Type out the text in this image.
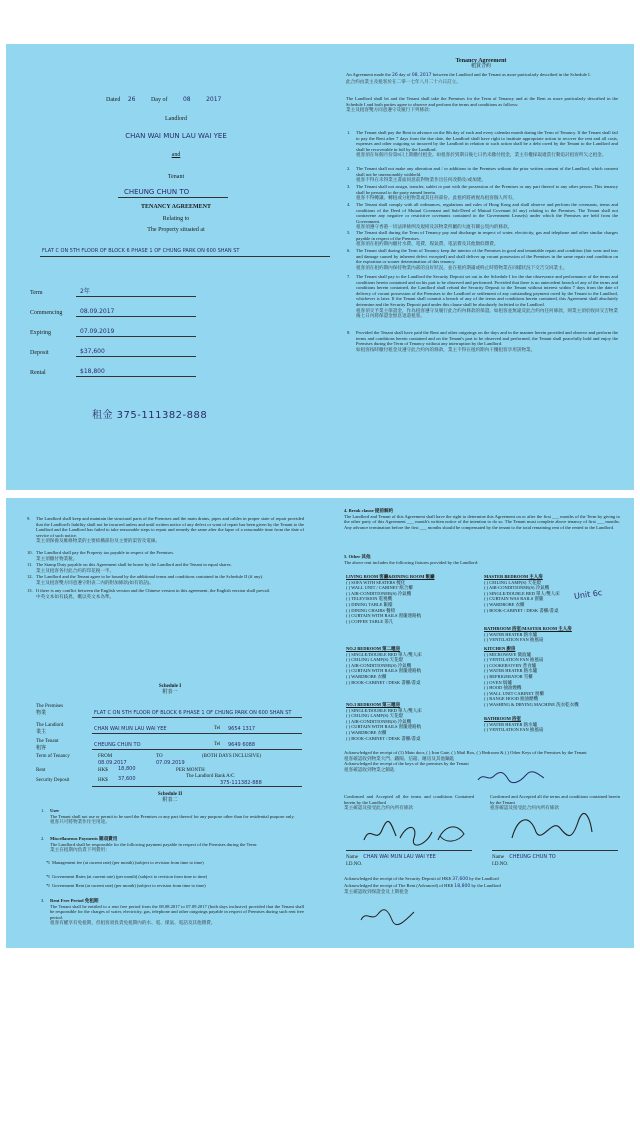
Dated 26	Day of	08	2017
Landlord
CHAN WAI MUN LAU WAI YEE
and
Tenant
CHEUNG CHUN TO
TENANCY AGREEMENT
Relating to
The Property situated at
FLAT C ON 5TH FLOOR OF BLOCK 6 PHASE 1 OF CHUNG PARK ON 600 SHAN ST
Term	2年
Commencing	08.09.2017
Expiring	07.09.2019
Deposit	$37,600
Rental	$18,800
租金 375-111382-888
Tenancy Agreement
租賃合約
An Agreement made the 26 day of 08, 2017 between the Landlord and the Tenant as more particularly described in the Schedule I.
此合約由業主及租客於在二零一七年八月二十六日訂立。
The Landlord shall let and the Tenant shall take the Premises for the Term of Tenancy and at the Rent as more particularly described in the Schedule I and both parties agree to observe and perform the terms and conditions as follows:
業主及租客雙方同意遵守及履行下列條款：
1. The Tenant shall pay the Rent in advance on the 8th day of each and every calendar month during the Term of Tenancy. If the Tenant shall fail to pay the Rent after 7 days from the due date, the Landlord shall have right to institute appropriate action to recover the rent and all costs, expenses and other outgoing so incurred by the Landlord in relation to such action shall be a debt owed by the Tenant to the Landlord and shall be recoverable in full by the Landlord.
租客須在每個月份第8日上期繳付租金。如租客於到期日後七日仍未繳付租金，業主有權採取適當行動追討租客所欠之租金。
2. The Tenant shall not make any alteration and / or additions to the Premises without the prior written consent of the Landlord, which consent shall not be unreasonably withheld.
租客不得在未得業主書面同意前對物業作出任何改動及/或加建。
3. The Tenant shall not assign, transfer, sublet or part with the possession of the Premises or any part thereof to any other person. This tenancy shall be personal to the party named herein.
租客不得轉讓、轉租或分租物業或其任何部份。此租約將被視為租客個人所有。
4. The Tenant shall comply with all ordinances, regulations and rules of Hong Kong and shall observe and perform the covenants, terms and conditions of the Deed of Mutual Covenant and Sub-Deed of Mutual Covenant (if any) relating to the Premises. The Tenant shall not contravene any negative or restrictive covenants contained in the Government Lease(s) under which the Premises are held from the Government.
租客須遵守香港一切法律條例及規則及該物業所屬的大廈有關公契內的條款。
5. The Tenant shall during the Term of Tenancy pay and discharge in respect of water, electricity, gas and telephone and other similar charges payable in respect of the Premises.
租客須在租約期內繳付水費、電費、煤氣費、電話費及其他類似雜費。
6. The Tenant shall during the Term of Tenancy keep the interior of the Premises in good and tenantable repair and condition (fair wear and tear and damage caused by inherent defect excepted) and shall deliver up vacant possession of the Premises in the same repair and condition on the expiration or sooner determination of this tenancy.
租客須在租約期內保持物業內部的良好狀況，並在租約期滿或終止時將物業在同樣狀況下交吉交回業主。
7. The Tenant shall pay to the Landlord the Security Deposit set out in the Schedule I for the due observance and performance of the terms and conditions herein contained and on his part to be observed and performed. Provided that there is no antecedent breach of any of the terms and conditions herein contained, the Landlord shall refund the Security Deposit to the Tenant without interest within 7 days from the date of delivery of vacant possession of the Premises to the Landlord or settlement of any outstanding payment owed by the Tenant to the Landlord, whichever is later. If the Tenant shall commit a breach of any of the terms and conditions herein contained, this Agreement shall absolutely determine and the Security Deposit paid under this clause shall be absolutely forfeited to the Landlord.
租客須交予業主保證金，作為租客遵守及履行此合約內條款的保證。如租客並無違反此合約內任何條款，則業主須於收回交吉物業後七日內將保證金無息退還租客。
8. Provided the Tenant shall have paid the Rent and other outgoings on the days and in the manner herein provided and observe and perform the terms and conditions herein contained and on the Tenant's part to be observed and performed, the Tenant shall peacefully hold and enjoy the Premises during the Term of Tenancy without any interruption by the Landlord.
如租客按時繳付租金及遵守此合約內的條款，業主不得在租約期內干擾租客享用該物業。
9. The Landlord shall keep and maintain the structural parts of the Premises and the main drains, pipes and cables in proper state of repair provided that the Landlord's liability shall not be incurred unless and until written notice of any defect or want of repair has been given by the Tenant to the Landlord and the Landlord has failed to take reasonable steps to repair and remedy the same after the lapse of a reasonable time from the date of service of such notice.
業主須保養及維修物業的主要結構部份及主要的渠管及電線。
10. The Landlord shall pay the Property tax payable in respect of the Premises.
業主須繳付物業稅。
11. The Stamp Duty payable on this Agreement shall be borne by the Landlord and the Tenant in equal shares.
業主及租客各付此合約的印花稅一半。
12. The Landlord and the Tenant agree to be bound by the additional terms and conditions contained in the Schedule II (if any).
業主及租客雙方同意遵守附表二內的附加條款(如有的話)。
13. If there is any conflict between the English version and the Chinese version in this agreement, the English version shall prevail.
中英文本如有歧異，概以英文本為準。
Schedule I
附表一
The Premises
物業	FLAT C ON 5TH FLOOR OF BLOCK 6 PHASE 1 OF CHUNG PARK ON 600 SHAN ST
The Landlord
業主
CHAN WAI MUN LAU WAI YEE	Tel 9654 1317
The Tenant
租客
CHEUNG CHUN TO	Tel 9649 6088
Term of Tenancy	FROM	TO	(BOTH DAYS INCLUSIVE)
08.09.2017	07.09.2019
Rent	HK$ 18,800	PER MONTH
Security Deposit	HK$ 37,600	The Landlord Bank A/C
375-111382-888
Schedule II
附表二
1. User
The Tenant shall not use or permit to be used the Premises or any part thereof for any purpose other than for residential purpose only.
租客只可將物業作住宅用途。
2. Miscellaneous Payments 雜項費用
The Landlord shall be responsible for the following payment payable in respect of the Premises during the Term:
業主在租期內負責下列費用：
*I Management fee (at current rate) (per month) (subject to revision from time to time)
*I Government Rates (at current rate) (per month) (subject to revision from time to time)
*I Government Rent (at current rate) (per month) (subject to revision from time to time)
3. Rent Free Period 免租期
The Tenant shall be entitled to a rent free period from the 08.08.2017 to 07.09.2017 (both days inclusive) provided that the Tenant shall be responsible for the charges of water, electricity, gas, telephone and other outgoings payable in respect of Premises during such rent free period.
租客有權享有免租期，但租客須負責免租期內的水、電、煤氣、電話及其他雜費。
4. Break clause 提前解約
The Landlord and Tenant of this Agreement shall have the right to determine this Agreement on or after the first ___ months of the Term by giving to the other party of this Agreement ___ month's written notice of the intention to do so. The Tenant must complete above tenancy of first ___ months. Any advance termination before the first ___ months should be compensated by the tenant to the total remaining rent of the rented to the Landlord.
5. Other 其他
The above rent includes the following fixtures provided by the Landlord:
LIVING ROOM 客廳&DINING ROOM 飯廳
( ) SOFA WITH SEATERS 梳化
( ) WALL UNIT / CABINET 組合櫃
( ) AIR-CONDITIONER(S) 冷氣機
( ) TELEVISION 電視機
( ) DINING TABLE 飯檯
( ) DINING CHAIRS 餐椅
( ) CURTAIN WITH RAILS 窗簾連路軌
( ) COFFEE TABLE 茶几
MASTER BEDROOM 主人房
( ) CEILING LAMP(S) 天花燈
( ) AIR-CONDITIONER(S) 冷氣機
( ) SINGLE/DOUBLE BED 單人/雙人床
( ) CURTAIN WAS RAILS 窗簾
( ) WARDROBE 衣櫃
( ) BOOK-CABINET / DESK 書櫃/書桌
BATHROOM 浴室/MASTER ROOM 主人房
( ) WATER HEATER 熱水爐
( ) VENTILATION FAN 抽風扇
NO.2 BEDROOM 第二睡房
( ) SINGLE/DOUBLE BED 單人/雙人床
( ) CEILING LAMP(S) 天花燈
( ) AIR-CONDITIONER(S) 冷氣機
( ) CURTAIN WITH RAILS 窗簾連路軌
( ) WARDROBE 衣櫃
( ) BOOK-CABINET / DESK 書櫃/書桌
KITCHEN 廚房
( ) MICROWAVE 微波爐
( ) VENTILATION FAN 抽風扇
( ) COOKER/OVEN 煮食爐
( ) WATER HEATER 熱水爐
( ) REFRIGERATOR 雪櫃
( ) OVEN 焗爐
( ) HOOD 抽油煙機
( ) WALL UNIT CABINET 廚櫃
( ) RANGE HOOD 抽油煙機
( ) WASHING & DRYING MACHINE 洗衣乾衣機
NO.3 BEDROOM 第三睡房
( ) SINGLE/DOUBLE BED 單人/雙人床
( ) CEILING LAMP(S) 天花燈
( ) AIR-CONDITIONER(S) 冷氣機
( ) CURTAIN WITH RAILS 窗簾連路軌
( ) WARDROBE 衣櫃
( ) BOOK-CABINET / DESK 書櫃/書桌
BATHROOM 浴室
( ) WATER HEATER 熱水爐
( ) VENTILATION FAN 抽風扇
Unit 6c
Acknowledged the receipt of (1) Main door, ( ) Iron Gate, ( ) Mail Box, ( ) Bedroom & ( ) Other Keys of the Premises by the Tenant
租客確認收到物業大門、鐵閘、信箱、睡房及其他鑰匙
Acknowledged the receipt of the keys of the premises by the Tenant
租客確認收到物業之鎖匙
Confirmed and Accepted all the terms and conditions Contained herein by the Landlord
業主確認及接受此合約內所有條款
Confirmed and Accepted all the terms and conditions contained herein by the Tenant
租客確認及接受此合約內所有條款
Name CHAN WAI MUN LAU WAI YEE	Name CHEUNG CHUN TO
I.D.NO.	I.D.NO.
Acknowledged the receipt of the Security Deposit of HK$ 37,600 by the Landlord
Acknowledged the receipt of The Rent (Advanced) of HK$ 18,800 by the Landlord
業主確認收到保證金及上期租金
